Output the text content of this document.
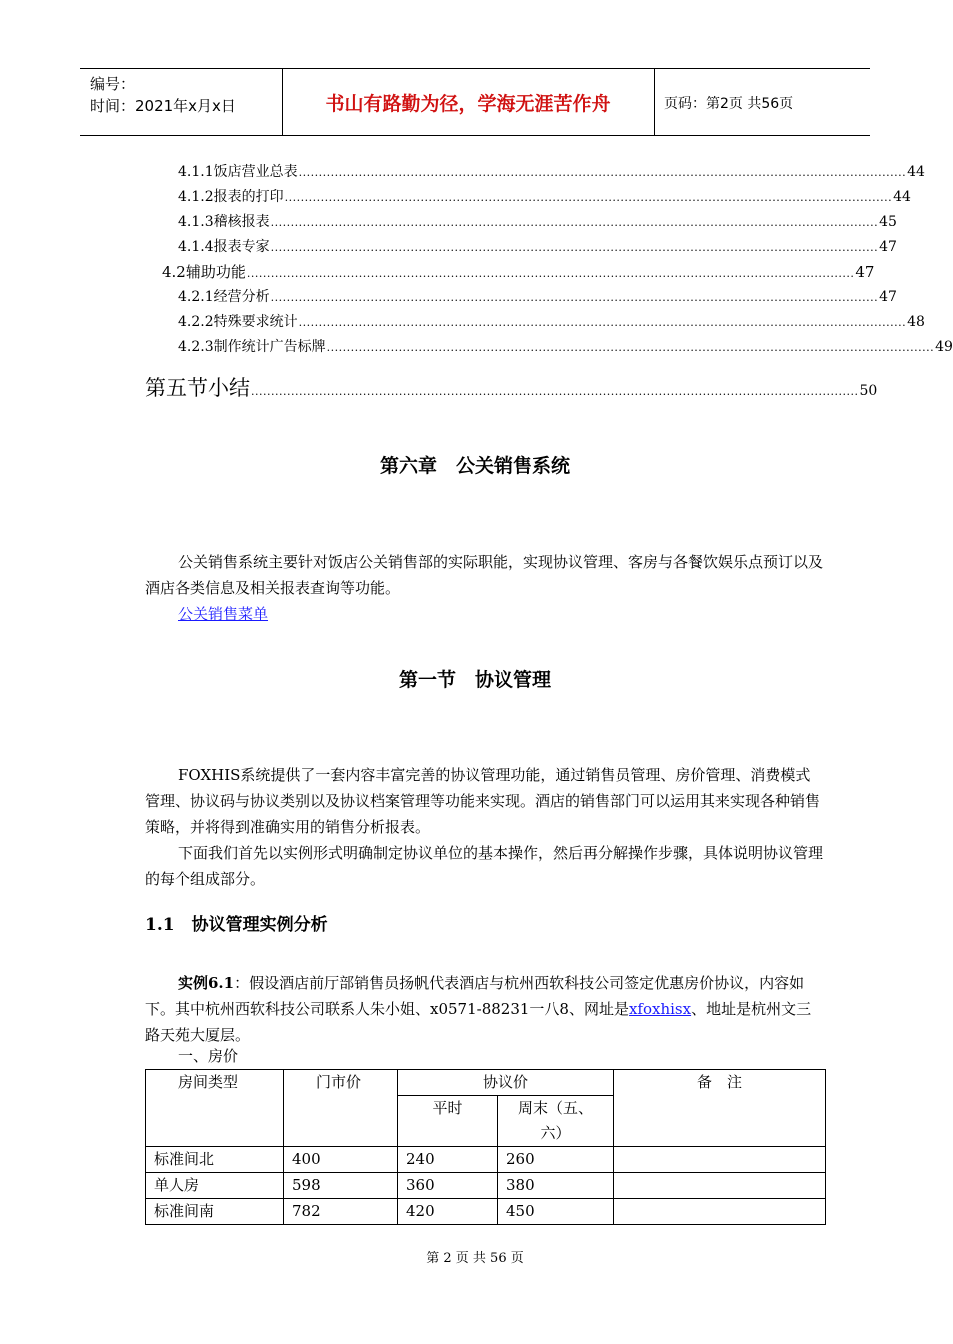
编号：
时间：2021年x月x日	书山有路勤为径，学海无涯苦作舟	页码：第2页 共56页
4.1.1 饭店营业总表 ........................................................................................................................................................ 44
4.1.2 报表的打印 ........................................................................................................................................................ 44
4.1.3 稽核报表 ........................................................................................................................................................ 45
4.1.4 报表专家 ........................................................................................................................................................ 47
4.2 辅助功能 ........................................................................................................................................................ 47
4.2.1 经营分析 ........................................................................................................................................................ 47
4.2.2 特殊要求统计 ........................................................................................................................................................ 48
4.2.3 制作统计广告标牌 ........................................................................................................................................................ 49
第五节 小结 ........................................................................................................................................................ 50
第六章　公关销售系统
公关销售系统主要针对饭店公关销售部的实际职能，实现协议管理、客房与各餐饮娱乐点预订以及酒店各类信息及相关报表查询等功能。
公关销售菜单
第一节　协议管理
FOXHIS系统提供了一套内容丰富完善的协议管理功能，通过销售员管理、房价管理、消费模式管理、协议码与协议类别以及协议档案管理等功能来实现。酒店的销售部门可以运用其来实现各种销售策略，并将得到准确实用的销售分析报表。
下面我们首先以实例形式明确制定协议单位的基本操作，然后再分解操作步骤，具体说明协议管理的每个组成部分。
1.1　协议管理实例分析
实例6.1：假设酒店前厅部销售员扬帆代表酒店与杭州西软科技公司签定优惠房价协议，内容如下。其中杭州西软科技公司联系人朱小姐、x0571-88231一八8、网址是xfoxhisx、地址是杭州文三路天苑大厦层。
一、房价
房间类型	门市价	协议价		备　注
		平时	周末（五、六）	
标准间北	400	240	260	
单人房	598	360	380	
标准间南	782	420	450	
第 2 页 共 56 页
